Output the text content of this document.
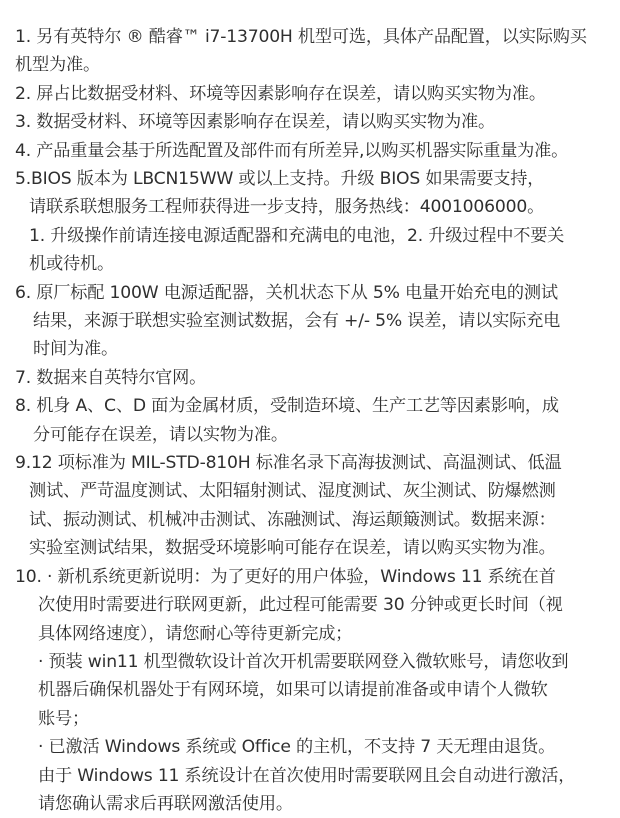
1. 另有英特尔 ® 酷睿™ i7-13700H 机型可选，具体产品配置，以实际购买
机型为准。
2. 屏占比数据受材料、环境等因素影响存在误差，请以购买实物为准。
3. 数据受材料、环境等因素影响存在误差，请以购买实物为准。
4. 产品重量会基于所选配置及部件而有所差异,以购买机器实际重量为准。
5.BIOS 版本为 LBCN15WW 或以上支持。升级 BIOS 如果需要支持，
请联系联想服务工程师获得进一步支持，服务热线：4001006000。
1. 升级操作前请连接电源适配器和充满电的电池，2. 升级过程中不要关
机或待机。
6. 原厂标配 100W 电源适配器，关机状态下从 5% 电量开始充电的测试
结果，来源于联想实验室测试数据，会有 +/- 5% 误差，请以实际充电
时间为准。
7. 数据来自英特尔官网。
8. 机身 A、C、D 面为金属材质，受制造环境、生产工艺等因素影响，成
分可能存在误差，请以实物为准。
9.12 项标准为 MIL-STD-810H 标准名录下高海拔测试、高温测试、低温
测试、严苛温度测试、太阳辐射测试、湿度测试、灰尘测试、防爆燃测
试、振动测试、机械冲击测试、冻融测试、海运颠簸测试。数据来源：
实验室测试结果，数据受环境影响可能存在误差，请以购买实物为准。
10. · 新机系统更新说明：为了更好的用户体验，Windows 11 系统在首
次使用时需要进行联网更新，此过程可能需要 30 分钟或更长时间（视
具体网络速度），请您耐心等待更新完成；
· 预装 win11 机型微软设计首次开机需要联网登入微软账号，请您收到
机器后确保机器处于有网环境，如果可以请提前准备或申请个人微软
账号；
· 已激活 Windows 系统或 Office 的主机，不支持 7 天无理由退货。
由于 Windows 11 系统设计在首次使用时需要联网且会自动进行激活，
请您确认需求后再联网激活使用。
